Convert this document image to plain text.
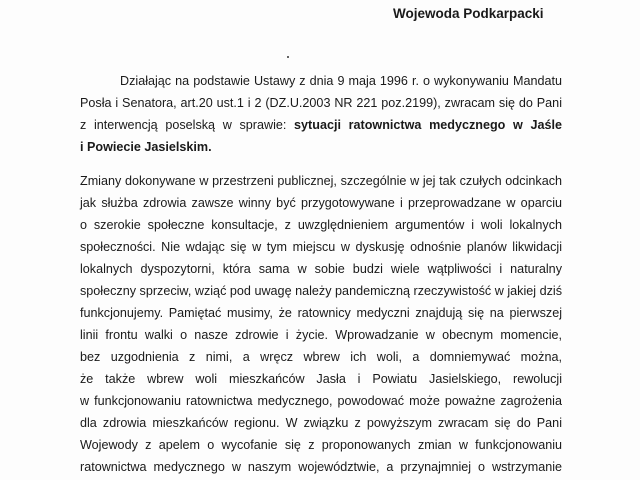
Wojewoda Podkarpacki
Działając na podstawie Ustawy z dnia 9 maja 1996 r. o wykonywaniu Mandatu
Posła i Senatora, art.20 ust.1 i 2 (DZ.U.2003 NR 221 poz.2199), zwracam się do Pani
z interwencją poselską w sprawie: sytuacji ratownictwa medycznego w Jaśle
i Powiecie Jasielskim.
Zmiany dokonywane w przestrzeni publicznej, szczególnie w jej tak czułych odcinkach
jak służba zdrowia zawsze winny być przygotowywane i przeprowadzane w oparciu
o szerokie społeczne konsultacje, z uwzględnieniem argumentów i woli lokalnych
społeczności. Nie wdając się w tym miejscu w dyskusję odnośnie planów likwidacji
lokalnych dyspozytorni, która sama w sobie budzi wiele wątpliwości i naturalny
społeczny sprzeciw, wziąć pod uwagę należy pandemiczną rzeczywistość w jakiej dziś
funkcjonujemy. Pamiętać musimy, że ratownicy medyczni znajdują się na pierwszej
linii frontu walki o nasze zdrowie i życie. Wprowadzanie w obecnym momencie,
bez uzgodnienia z nimi, a wręcz wbrew ich woli, a domniemywać można,
że także wbrew woli mieszkańców Jasła i Powiatu Jasielskiego, rewolucji
w funkcjonowaniu ratownictwa medycznego, powodować może poważne zagrożenia
dla zdrowia mieszkańców regionu. W związku z powyższym zwracam się do Pani
Wojewody z apelem o wycofanie się z proponowanych zmian w funkcjonowaniu
ratownictwa medycznego w naszym województwie, a przynajmniej o wstrzymanie
